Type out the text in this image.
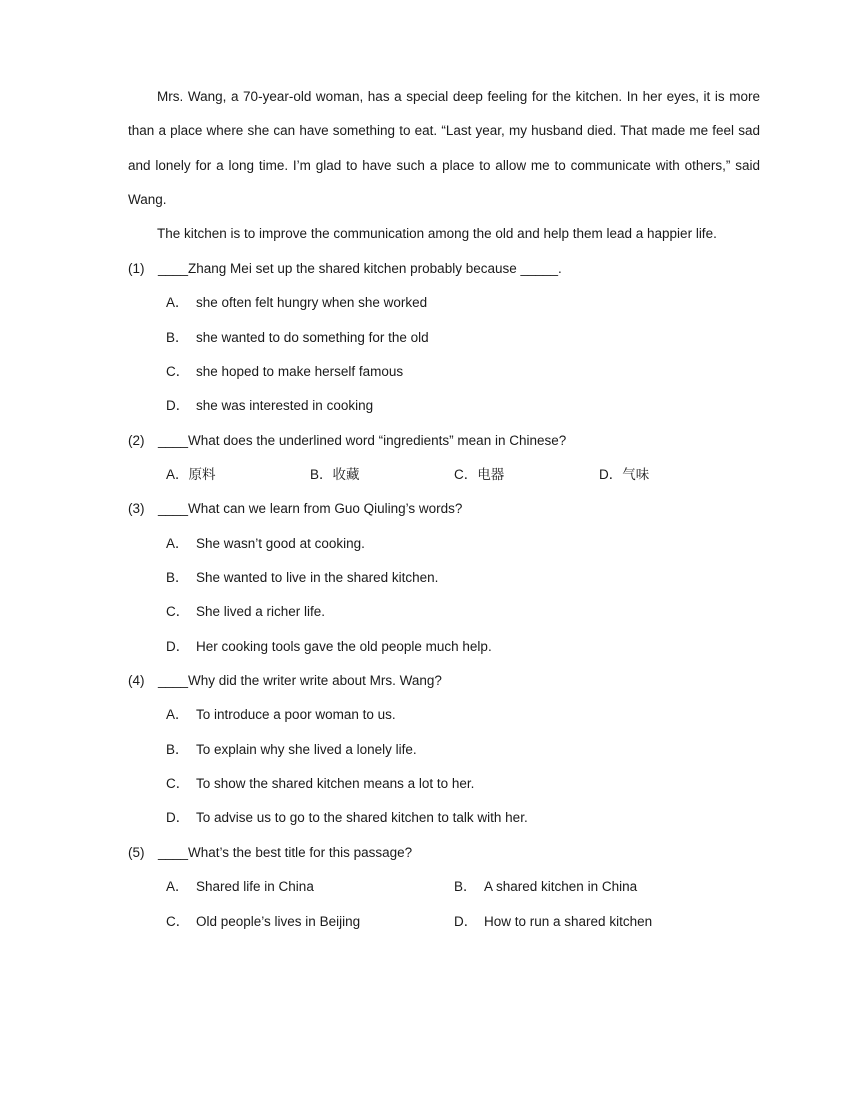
Mrs. Wang, a 70-year-old woman, has a special deep feeling for the kitchen. In her eyes, it is more than a place where she can have something to eat. “Last year, my husband died. That made me feel sad and lonely for a long time. I’m glad to have such a place to allow me to communicate with others,” said Wang.

The kitchen is to improve the communication among the old and help them lead a happier life.

(1) ____Zhang Mei set up the shared kitchen probably because _____.
A． she often felt hungry when she worked
B． she wanted to do something for the old
C． she hoped to make herself famous
D． she was interested in cooking
(2) ____What does the underlined word “ingredients” mean in Chinese?
A．原料	B．收藏	C．电器	D．气味
(3) ____What can we learn from Guo Qiuling’s words?
A． She wasn’t good at cooking.
B． She wanted to live in the shared kitchen.
C． She lived a richer life.
D． Her cooking tools gave the old people much help.
(4) ____Why did the writer write about Mrs. Wang?
A． To introduce a poor woman to us.
B． To explain why she lived a lonely life.
C． To show the shared kitchen means a lot to her.
D． To advise us to go to the shared kitchen to talk with her.
(5) ____What’s the best title for this passage?
A． Shared life in China	B． A shared kitchen in China
C． Old people’s lives in Beijing	D． How to run a shared kitchen
